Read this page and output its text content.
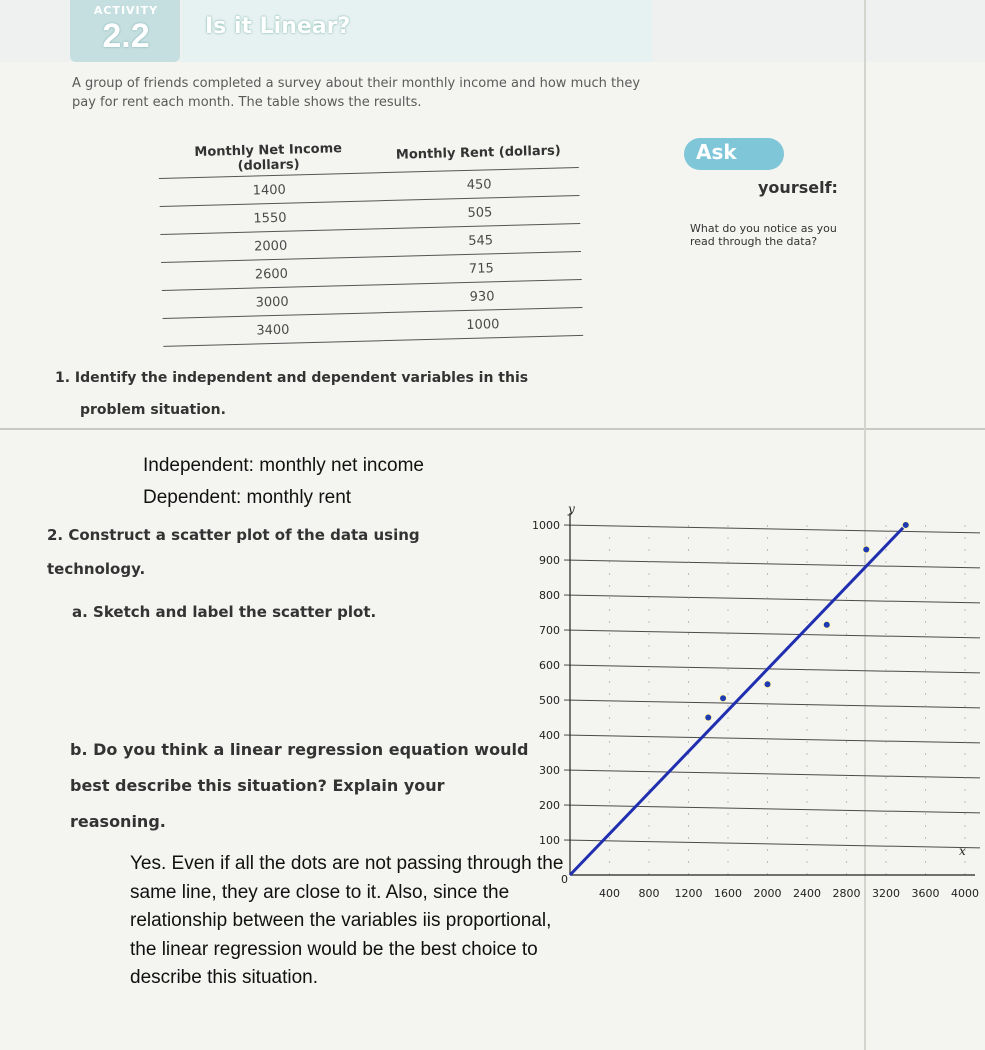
ACTIVITY
2.2	Is it Linear?
A group of friends completed a survey about their monthly income and how much they pay for rent each month. The table shows the results.
Monthly Net Income (dollars)	Monthly Rent (dollars)
1400	450
1550	505
2000	545
2600	715
3000	930
3400	1000
Ask
yourself:
What do you notice as you read through the data?
1. Identify the independent and dependent variables in this
problem situation.
Independent: monthly net income
Dependent: monthly rent
2. Construct a scatter plot of the data using technology.
a. Sketch and label the scatter plot.
b. Do you think a linear regression equation would best describe this situation? Explain your reasoning.
Yes. Even if all the dots are not passing through the same line, they are close to it. Also, since the relationship between the variables iis proportional, the linear regression would be the best choice to describe this situation.
1000
900
800
700
600
500
400
300
200
100
400 800 1200 1600 2000 2400 2800 3200 3600 4000
y
x
0
